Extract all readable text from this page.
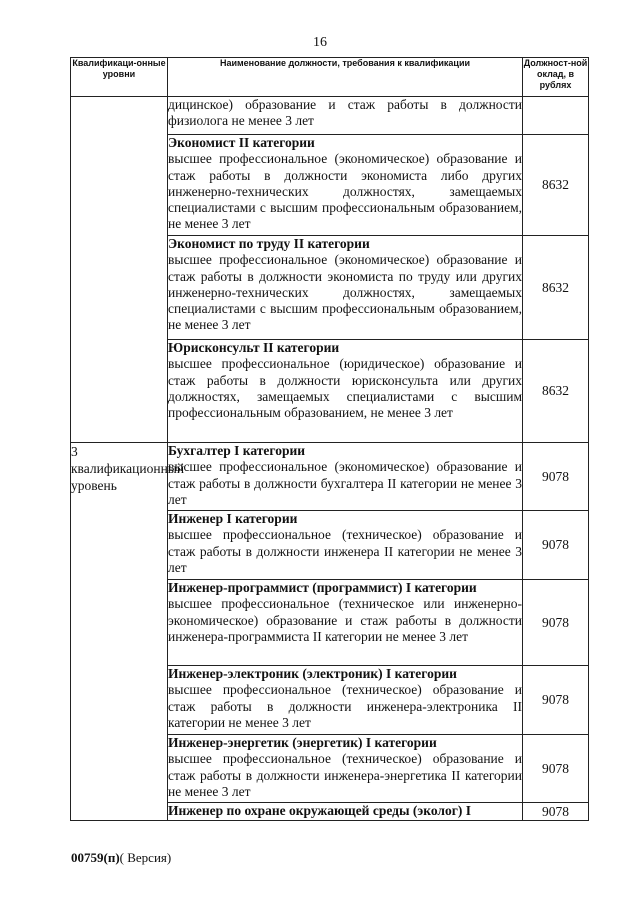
16
Квалификаци-онные уровни	Наименование должности, требования к квалификации	Должност-ной оклад, в рублях

	дицинское) образование и стаж работы в должности физиолога не менее 3 лет	

	Экономист II категории
высшее профессиональное (экономическое) образование и стаж работы в должности экономиста либо других инженерно-технических должностях, замещаемых специалистами с высшим профессиональным образованием, не менее 3 лет	8632

	Экономист по труду II категории
высшее профессиональное (экономическое) образование и стаж работы в должности экономиста по труду или других инженерно-технических должностях, замещаемых специалистами с высшим профессиональным образованием, не менее 3 лет	8632

	Юрисконсульт II категории
высшее профессиональное (юридическое) образование и стаж работы в должности юрисконсульта или других должностях, замещаемых специалистами с высшим профессиональным образованием, не менее 3 лет	8632

3 квалификационный уровень	Бухгалтер I категории
высшее профессиональное (экономическое) образование и стаж работы в должности бухгалтера II категории не менее 3 лет	9078

	Инженер I категории
высшее профессиональное (техническое) образование и стаж работы в должности инженера II категории не менее 3 лет	9078

	Инженер-программист (программист) I категории
высшее профессиональное (техническое или инженерно-экономическое) образование и стаж работы в должности инженера-программиста II категории не менее 3 лет	9078

	Инженер-электроник (электроник) I категории
высшее профессиональное (техническое) образование и стаж работы в должности инженера-электроника II категории не менее 3 лет	9078

	Инженер-энергетик (энергетик) I категории
высшее профессиональное (техническое) образование и стаж работы в должности инженера-энергетика II категории не менее 3 лет	9078

	Инженер по охране окружающей среды (эколог) I	9078
00759(п)( Версия)
